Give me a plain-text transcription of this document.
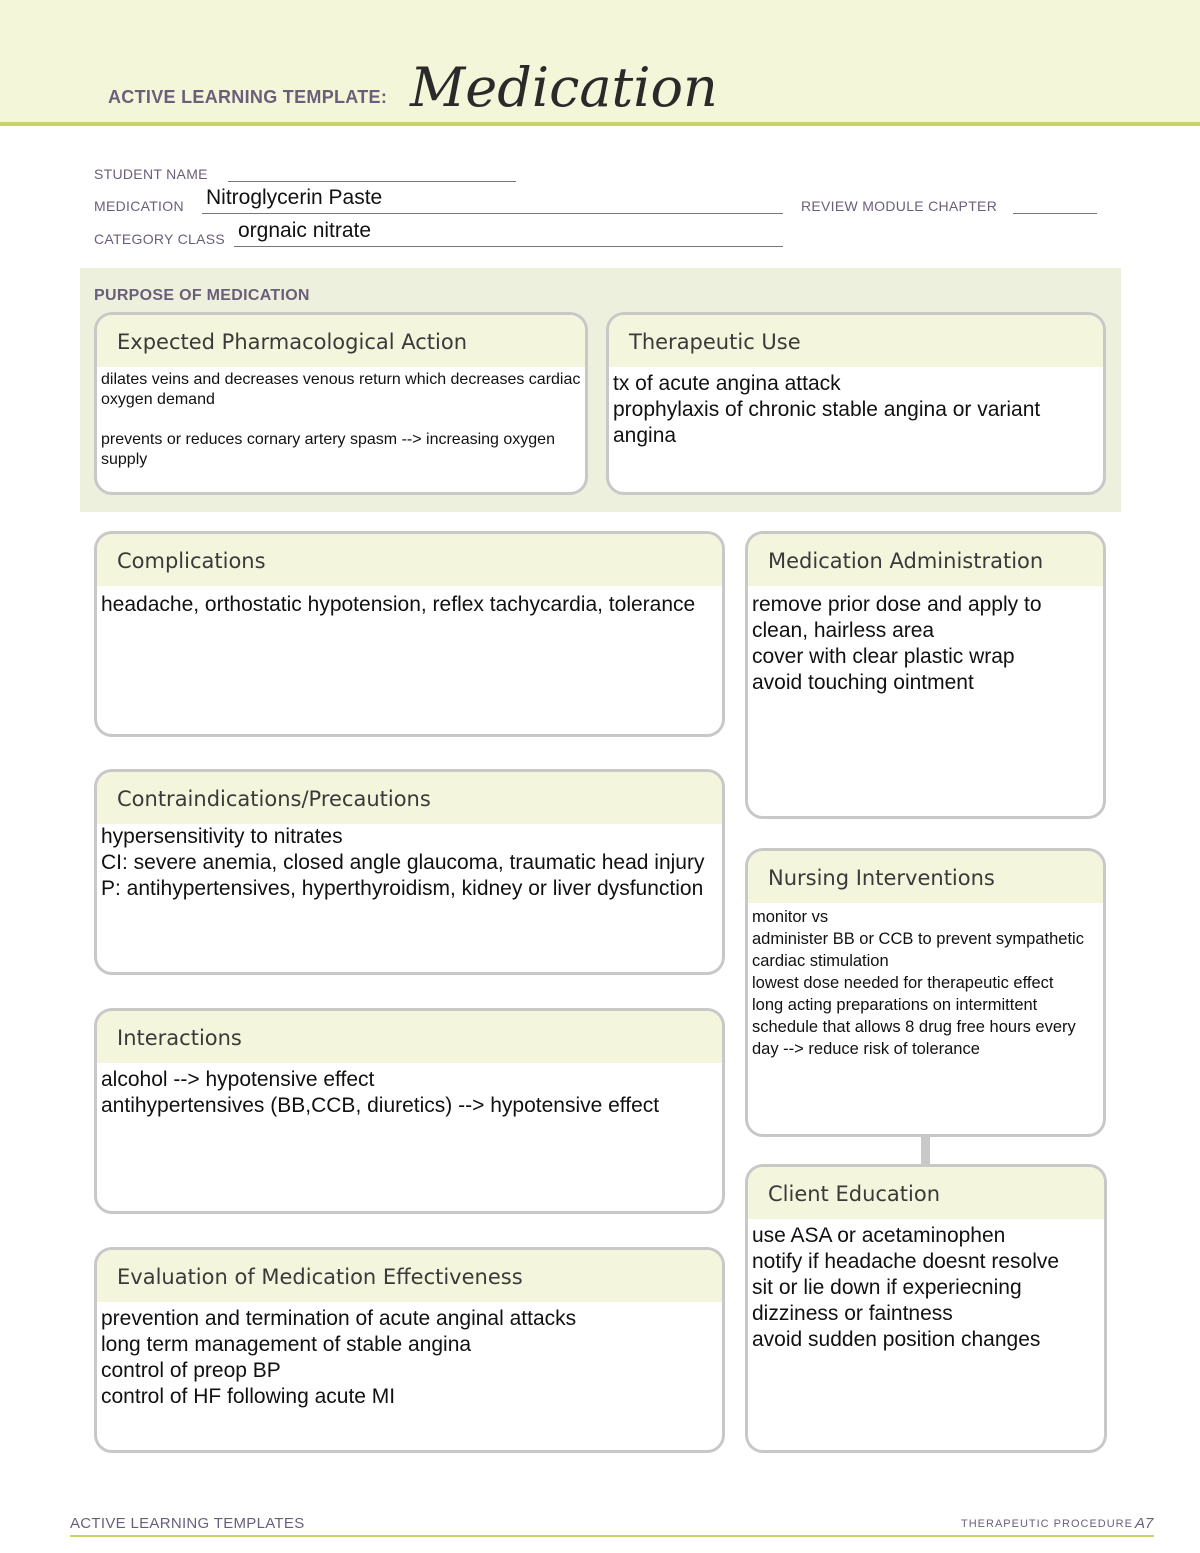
ACTIVE LEARNING TEMPLATE: Medication
STUDENT NAME
MEDICATION Nitroglycerin Paste	REVIEW MODULE CHAPTER
CATEGORY CLASS orgnaic nitrate
PURPOSE OF MEDICATION
Expected Pharmacological Action
dilates veins and decreases venous return which decreases cardiac oxygen demand

prevents or reduces cornary artery spasm --> increasing oxygen supply
Therapeutic Use
tx of acute angina attack
prophylaxis of chronic stable angina or variant angina
Complications
headache, orthostatic hypotension, reflex tachycardia, tolerance
Contraindications/Precautions
hypersensitivity to nitrates
CI: severe anemia, closed angle glaucoma, traumatic head injury
P: antihypertensives, hyperthyroidism, kidney or liver dysfunction
Interactions
alcohol --> hypotensive effect
antihypertensives (BB,CCB, diuretics) --> hypotensive effect
Evaluation of Medication Effectiveness
prevention and termination of acute anginal attacks
long term management of stable angina
control of preop BP
control of HF following acute MI
Medication Administration
remove prior dose and apply to clean, hairless area
cover with clear plastic wrap
avoid touching ointment
Nursing Interventions
monitor vs
administer BB or CCB to prevent sympathetic cardiac stimulation
lowest dose needed for therapeutic effect
long acting preparations on intermittent schedule that allows 8 drug free hours every day --> reduce risk of tolerance
Client Education
use ASA or acetaminophen
notify if headache doesnt resolve
sit or lie down if experiecning dizziness or faintness
avoid sudden position changes
ACTIVE LEARNING TEMPLATES	THERAPEUTIC PROCEDURE A7
